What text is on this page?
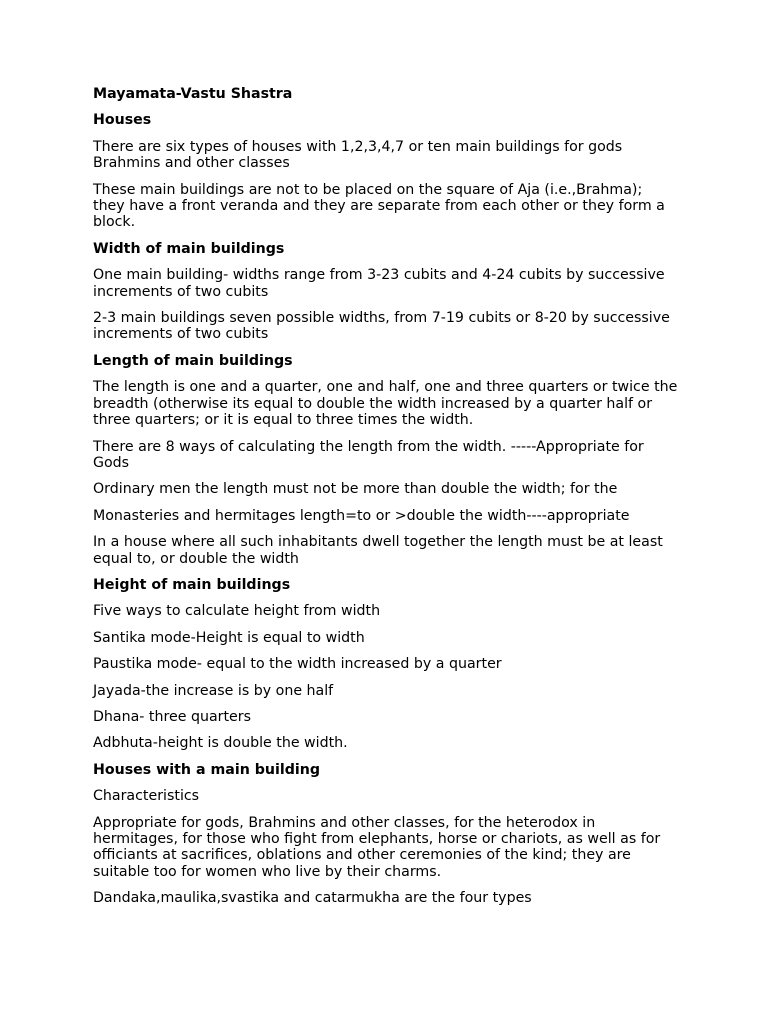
Mayamata-Vastu Shastra
Houses
There are six types of houses with 1,2,3,4,7 or ten main buildings for gods Brahmins and other classes
These main buildings are not to be placed on the square of Aja (i.e.,Brahma); they have a front veranda and they are separate from each other or they form a block.
Width of main buildings
One main building- widths range from 3-23 cubits and 4-24 cubits by successive increments of two cubits
2-3 main buildings seven possible widths, from 7-19 cubits or 8-20 by successive increments of two cubits
Length of main buildings
The length is one and a quarter, one and half, one and three quarters or twice the breadth (otherwise its equal to double the width increased by a quarter half or three quarters; or it is equal to three times the width.
There are 8 ways of calculating the length from the width. -----Appropriate for Gods
Ordinary men the length must not be more than double the width; for the
Monasteries and hermitages length=to or >double the width----appropriate
In a house where all such inhabitants dwell together the length must be at least equal to, or double the width
Height of main buildings
Five ways to calculate height from width
Santika mode-Height is equal to width
Paustika mode- equal to the width increased by a quarter
Jayada-the increase is by one half
Dhana- three quarters
Adbhuta-height is double the width.
Houses with a main building
Characteristics
Appropriate for gods, Brahmins and other classes, for the heterodox in hermitages, for those who fight from elephants, horse or chariots, as well as for officiants at sacrifices, oblations and other ceremonies of the kind; they are suitable too for women who live by their charms.
Dandaka,maulika,svastika and catarmukha are the four types
